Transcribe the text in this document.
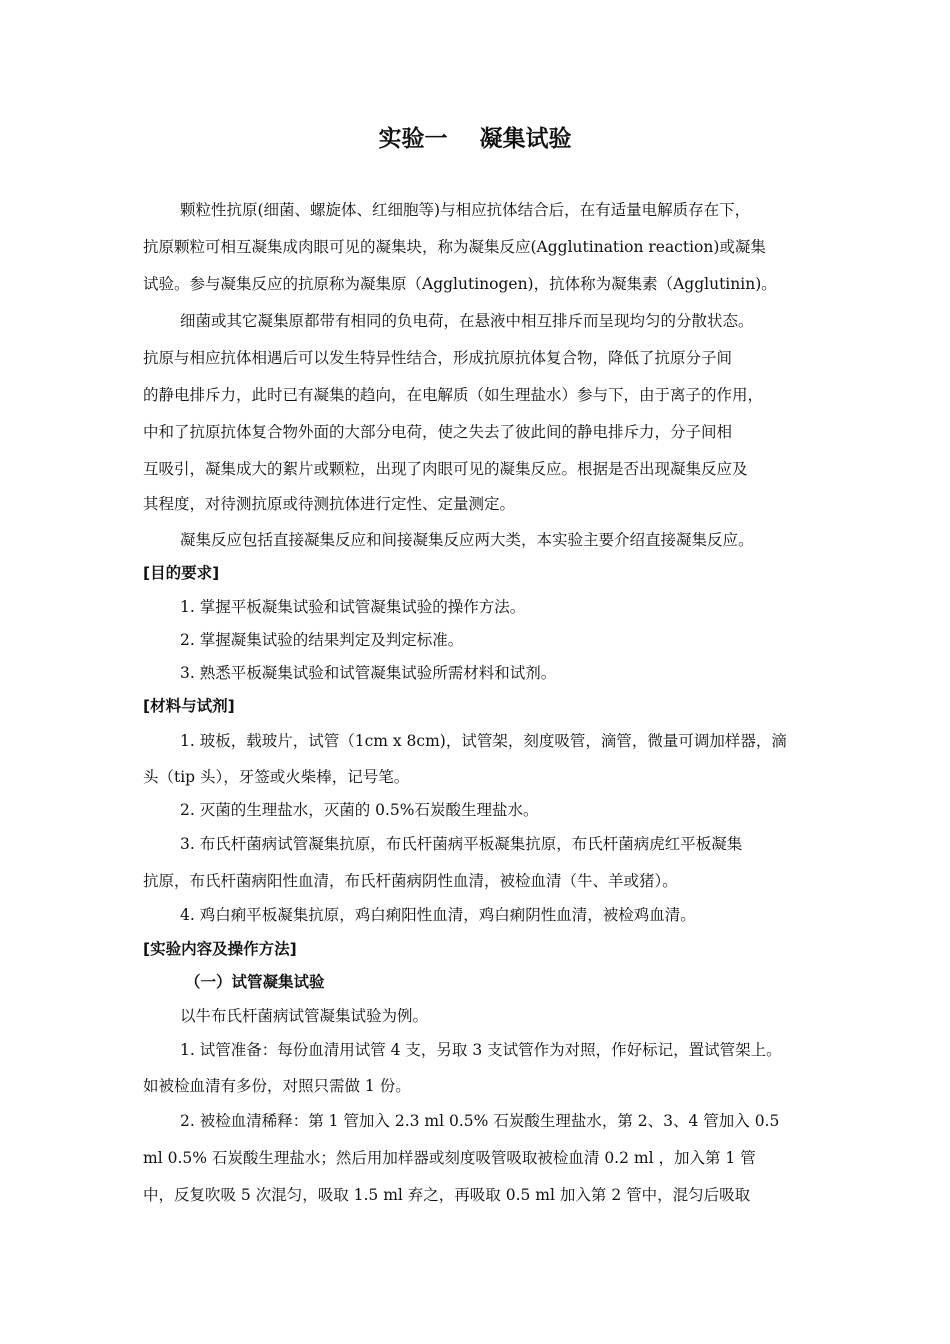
实验一    凝集试验
颗粒性抗原(细菌、螺旋体、红细胞等)与相应抗体结合后，在有适量电解质存在下，
抗原颗粒可相互凝集成肉眼可见的凝集块，称为凝集反应(Agglutination reaction)或凝集
试验。参与凝集反应的抗原称为凝集原（Agglutinogen)，抗体称为凝集素（Agglutinin)。
细菌或其它凝集原都带有相同的负电荷，在悬液中相互排斥而呈现均匀的分散状态。
抗原与相应抗体相遇后可以发生特异性结合，形成抗原抗体复合物，降低了抗原分子间
的静电排斥力，此时已有凝集的趋向，在电解质（如生理盐水）参与下，由于离子的作用，
中和了抗原抗体复合物外面的大部分电荷，使之失去了彼此间的静电排斥力，分子间相
互吸引，凝集成大的絮片或颗粒，出现了肉眼可见的凝集反应。根据是否出现凝集反应及
其程度，对待测抗原或待测抗体进行定性、定量测定。
凝集反应包括直接凝集反应和间接凝集反应两大类，本实验主要介绍直接凝集反应。
[目的要求]
1. 掌握平板凝集试验和试管凝集试验的操作方法。
2. 掌握凝集试验的结果判定及判定标准。
3. 熟悉平板凝集试验和试管凝集试验所需材料和试剂。
[材料与试剂]
1. 玻板，载玻片，试管（1cm x 8cm)，试管架，刻度吸管，滴管，微量可调加样器，滴
头（tip 头），牙签或火柴棒，记号笔。
2. 灭菌的生理盐水，灭菌的 0.5%石炭酸生理盐水。
3. 布氏杆菌病试管凝集抗原，布氏杆菌病平板凝集抗原，布氏杆菌病虎红平板凝集
抗原，布氏杆菌病阳性血清，布氏杆菌病阴性血清，被检血清（牛、羊或猪）。
4. 鸡白痢平板凝集抗原，鸡白痢阳性血清，鸡白痢阴性血清，被检鸡血清。
[实验内容及操作方法]
（一）试管凝集试验
以牛布氏杆菌病试管凝集试验为例。
1. 试管准备：每份血清用试管 4 支，另取 3 支试管作为对照，作好标记，置试管架上。
如被检血清有多份，对照只需做 1 份。
2. 被检血清稀释：第 1 管加入 2.3 ml 0.5% 石炭酸生理盐水，第 2、3、4 管加入 0.5
ml 0.5% 石炭酸生理盐水；然后用加样器或刻度吸管吸取被检血清 0.2 ml ，加入第 1 管
中，反复吹吸 5 次混匀，吸取 1.5 ml 弃之，再吸取 0.5 ml 加入第 2 管中，混匀后吸取
